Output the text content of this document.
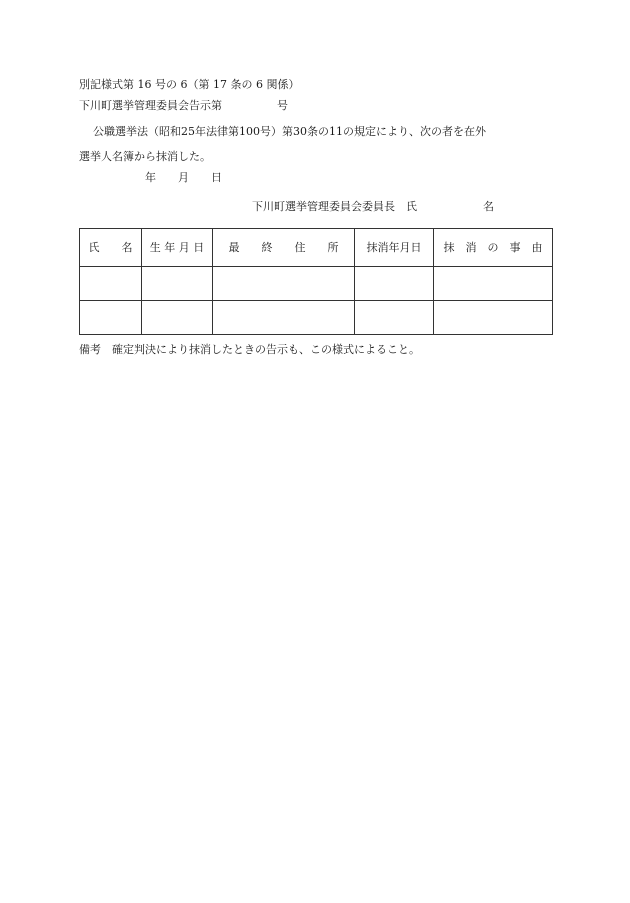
別記様式第 16 号の 6（第 17 条の 6 関係）
下川町選挙管理委員会告示第　　　　　号
公職選挙法（昭和25年法律第100号）第30条の11の規定により、次の者を在外
選挙人名簿から抹消した。
年　　月　　日
下川町選挙管理委員会委員長　氏　　　　　　名
氏　　名	生 年 月 日	最　　終　　住　　所	抹消年月日	抹　消　の　事　由

備考　確定判決により抹消したときの告示も、この様式によること。
